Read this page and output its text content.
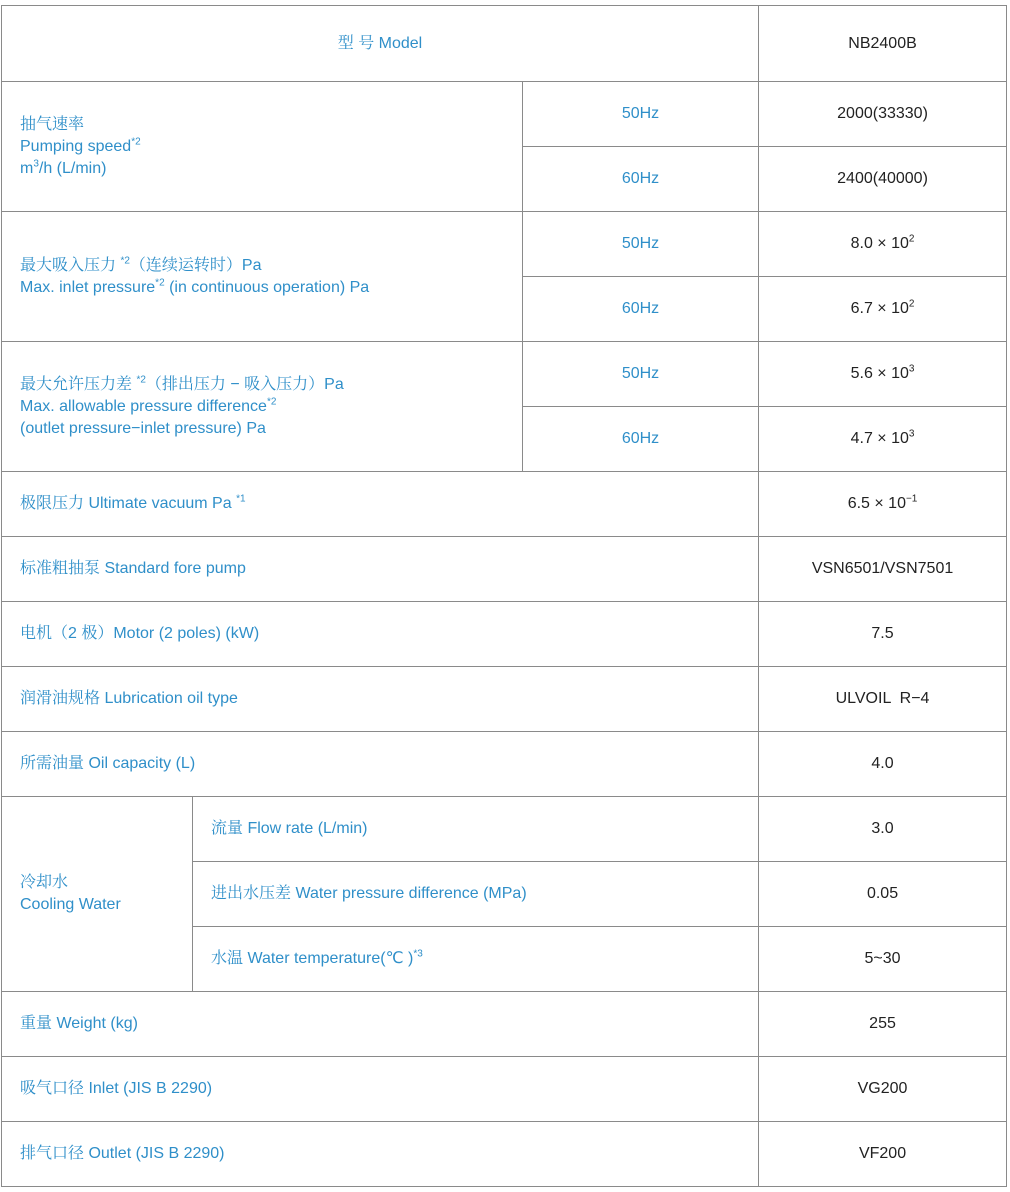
型 号 Model			NB2400B
抽气速率
Pumping speed$^{*2}$
$m^3/h$ (L/min)		50Hz	2000(33330)
		60Hz	2400(40000)
最大吸入压力 $^{*2}$（连续运转时）Pa
Max. inlet pressure$^{*2}$ (in continuous operation) Pa		50Hz	$8.0 \times 10^2$
		60Hz	$6.7 \times 10^2$
最大允许压力差 $^{*2}$（排出压力 − 吸入压力）Pa
Max. allowable pressure difference$^{*2}$
(outlet pressure−inlet pressure) Pa		50Hz	$5.6 \times 10^3$
		60Hz	$4.7 \times 10^3$
极限压力 Ultimate vacuum Pa $^{*1}$			$6.5 \times 10^{-1}$
标准粗抽泵 Standard fore pump			VSN6501/VSN7501
电机（2 极）Motor (2 poles) (kW)			7.5
润滑油规格 Lubrication oil type			ULVOIL  R−4
所需油量 Oil capacity (L)			4.0
冷却水
Cooling Water	流量 Flow rate (L/min)		3.0
	进出水压差 Water pressure difference (MPa)		0.05
	水温 Water temperature(℃ )$^{*3}$		5~30
重量 Weight (kg)			255
吸气口径 Inlet (JIS B 2290)			VG200
排气口径 Outlet (JIS B 2290)			VF200
